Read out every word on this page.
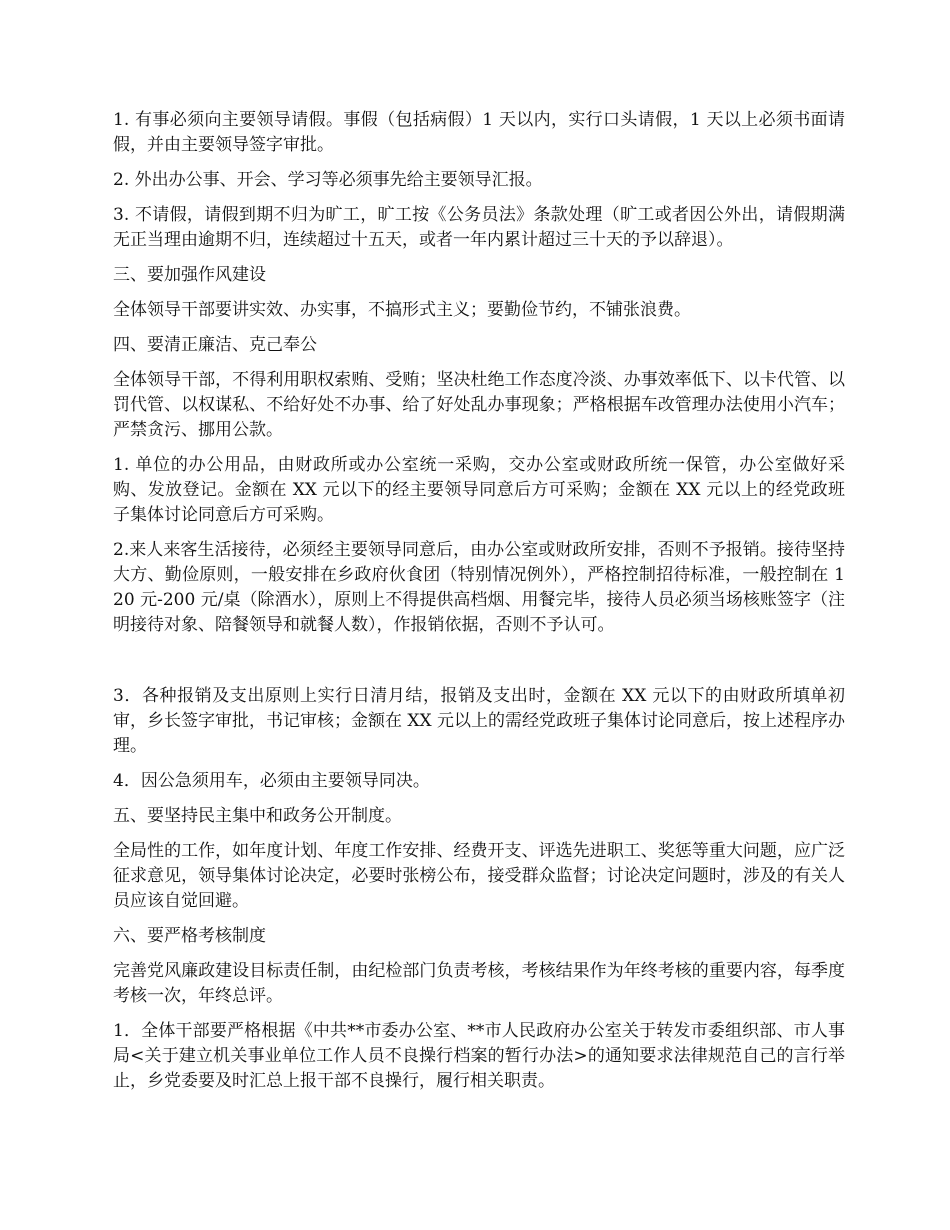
1. 有事必须向主要领导请假。事假（包括病假）1 天以内，实行口头请假，1 天以上必须书面请假，并由主要领导签字审批。

2. 外出办公事、开会、学习等必须事先给主要领导汇报。

3. 不请假，请假到期不归为旷工，旷工按《公务员法》条款处理（旷工或者因公外出，请假期满无正当理由逾期不归，连续超过十五天，或者一年内累计超过三十天的予以辞退）。

三、要加强作风建设

全体领导干部要讲实效、办实事，不搞形式主义；要勤俭节约，不铺张浪费。

四、要清正廉洁、克己奉公

全体领导干部，不得利用职权索贿、受贿；坚决杜绝工作态度冷淡、办事效率低下、以卡代管、以罚代管、以权谋私、不给好处不办事、给了好处乱办事现象；严格根据车改管理办法使用小汽车；严禁贪污、挪用公款。

1. 单位的办公用品，由财政所或办公室统一采购，交办公室或财政所统一保管，办公室做好采购、发放登记。金额在 XX 元以下的经主要领导同意后方可采购；金额在 XX 元以上的经党政班子集体讨论同意后方可采购。

2.来人来客生活接待，必须经主要领导同意后，由办公室或财政所安排，否则不予报销。接待坚持大方、勤俭原则，一般安排在乡政府伙食团（特别情况例外），严格控制招待标准，一般控制在 120 元-200 元/桌（除酒水），原则上不得提供高档烟、用餐完毕，接待人员必须当场核账签字（注明接待对象、陪餐领导和就餐人数），作报销依据，否则不予认可。

3．各种报销及支出原则上实行日清月结，报销及支出时，金额在 XX 元以下的由财政所填单初审，乡长签字审批，书记审核；金额在 XX 元以上的需经党政班子集体讨论同意后，按上述程序办理。

4．因公急须用车，必须由主要领导同决。

五、要坚持民主集中和政务公开制度。

全局性的工作，如年度计划、年度工作安排、经费开支、评选先进职工、奖惩等重大问题，应广泛征求意见，领导集体讨论决定，必要时张榜公布，接受群众监督；讨论决定问题时，涉及的有关人员应该自觉回避。

六、要严格考核制度

完善党风廉政建设目标责任制，由纪检部门负责考核，考核结果作为年终考核的重要内容，每季度考核一次，年终总评。

1．全体干部要严格根据《中共**市委办公室、**市人民政府办公室关于转发市委组织部、市人事局<关于建立机关事业单位工作人员不良操行档案的暂行办法>的通知要求法律规范自己的言行举止，乡党委要及时汇总上报干部不良操行，履行相关职责。
